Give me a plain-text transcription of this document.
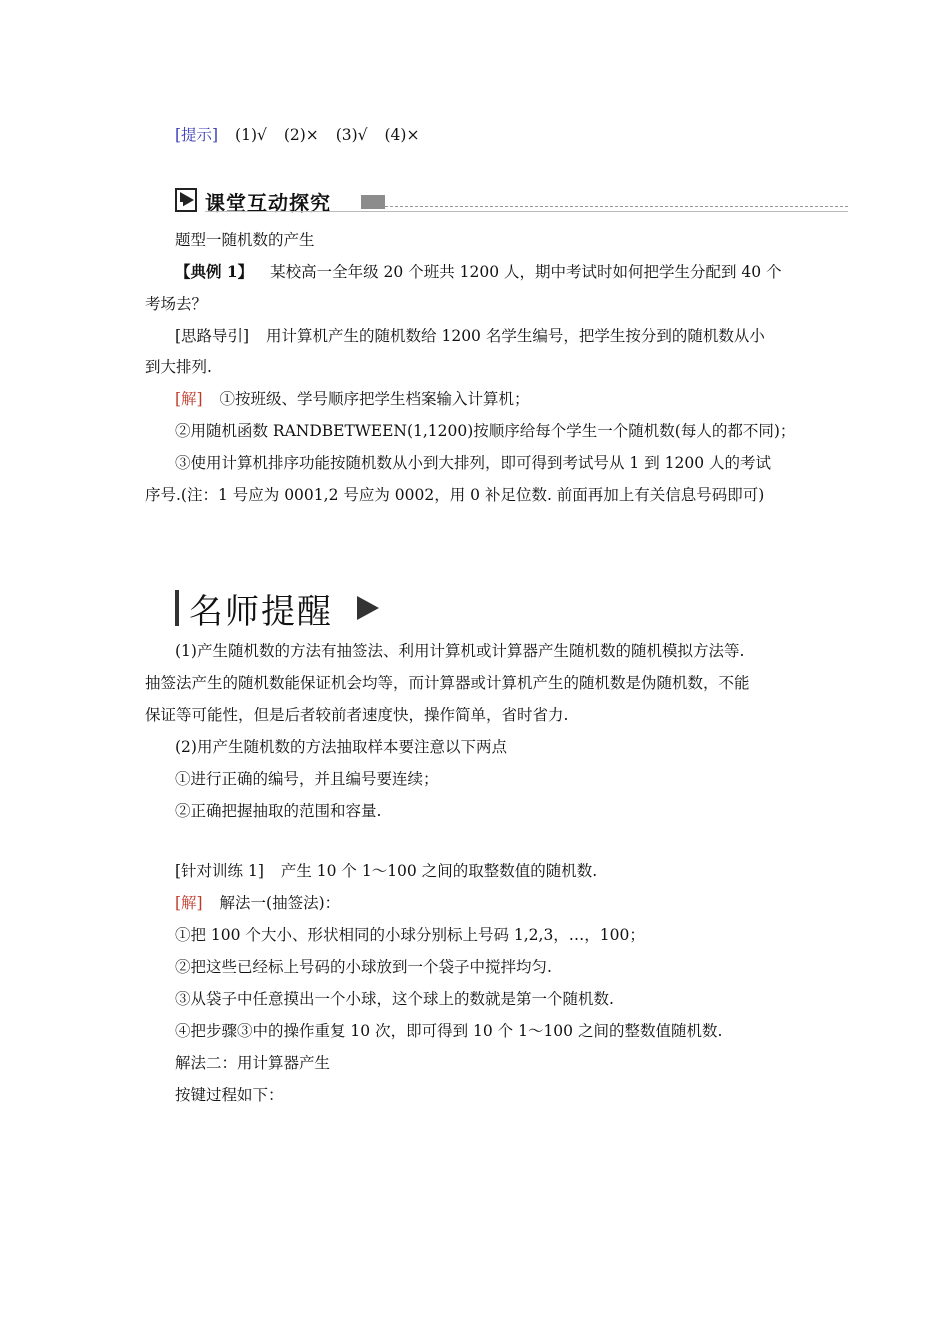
[提示] (1)√ (2)× (3)√ (4)×
课堂互动探究
题型一随机数的产生
【典例 1】 某校高一全年级 20 个班共 1200 人，期中考试时如何把学生分配到 40 个
考场去？
[思路导引] 用计算机产生的随机数给 1200 名学生编号，把学生按分到的随机数从小
到大排列.
[解] ①按班级、学号顺序把学生档案输入计算机；
②用随机函数 RANDBETWEEN(1,1200)按顺序给每个学生一个随机数(每人的都不同)；
③使用计算机排序功能按随机数从小到大排列，即可得到考试号从 1 到 1200 人的考试
序号.(注：1 号应为 0001,2 号应为 0002，用 0 补足位数. 前面再加上有关信息号码即可)
名师提醒
(1)产生随机数的方法有抽签法、利用计算机或计算器产生随机数的随机模拟方法等.
抽签法产生的随机数能保证机会均等，而计算器或计算机产生的随机数是伪随机数，不能
保证等可能性，但是后者较前者速度快，操作简单，省时省力.
(2)用产生随机数的方法抽取样本要注意以下两点
①进行正确的编号，并且编号要连续；
②正确把握抽取的范围和容量.
[针对训练 1] 产生 10 个 1～100 之间的取整数值的随机数.
[解] 解法一(抽签法)：
①把 100 个大小、形状相同的小球分别标上号码 1,2,3，…，100；
②把这些已经标上号码的小球放到一个袋子中搅拌均匀.
③从袋子中任意摸出一个小球，这个球上的数就是第一个随机数.
④把步骤③中的操作重复 10 次，即可得到 10 个 1～100 之间的整数值随机数.
解法二：用计算器产生
按键过程如下：
